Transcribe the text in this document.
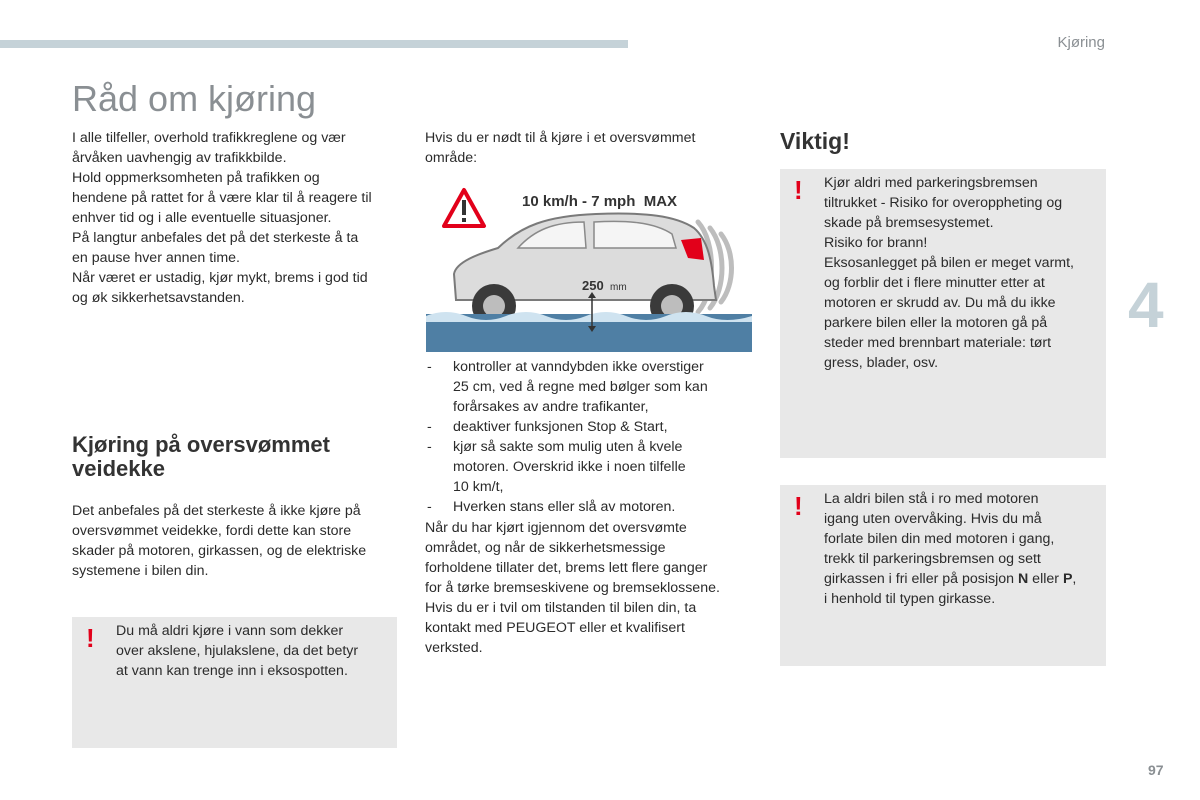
Kjøring
Råd om kjøring
I alle tilfeller, overhold trafikkreglene og vær
årvåken uavhengig av trafikkbilde.
Hold oppmerksomheten på trafikken og
hendene på rattet for å være klar til å reagere til
enhver tid og i alle eventuelle situasjoner.
På langtur anbefales det på det sterkeste å ta
en pause hver annen time.
Når været er ustadig, kjør mykt, brems i god tid
og øk sikkerhetsavstanden.
Kjøring på oversvømmet veidekke
Det anbefales på det sterkeste å ikke kjøre på
oversvømmet veidekke, fordi dette kan store
skader på motoren, girkassen, og de elektriske
systemene i bilen din.
! Du må aldri kjøre i vann som dekker
over akslene, hjulakslene, da det betyr
at vann kan trenge inn i eksospotten.
Hvis du er nødt til å kjøre i et oversvømmet
område:
10 km/h - 7 mph  MAX
250 mm
- kontroller at vanndybden ikke overstiger
25 cm, ved å regne med bølger som kan
forårsakes av andre trafikanter,
- deaktiver funksjonen Stop & Start,
- kjør så sakte som mulig uten å kvele
motoren. Overskrid ikke i noen tilfelle
10 km/t,
- Hverken stans eller slå av motoren.
Når du har kjørt igjennom det oversvømte
området, og når de sikkerhetsmessige
forholdene tillater det, brems lett flere ganger
for å tørke bremseskivene og bremseklossene.
Hvis du er i tvil om tilstanden til bilen din, ta
kontakt med PEUGEOT eller et kvalifisert
verksted.
Viktig!
! Kjør aldri med parkeringsbremsen
tiltrukket - Risiko for overoppheting og
skade på bremsesystemet.
Risiko for brann!
Eksosanlegget på bilen er meget varmt,
og forblir det i flere minutter etter at
motoren er skrudd av. Du må du ikke
parkere bilen eller la motoren gå på
steder med brennbart materiale: tørt
gress, blader, osv.
! La aldri bilen stå i ro med motoren
igang uten overvåking. Hvis du må
forlate bilen din med motoren i gang,
trekk til parkeringsbremsen og sett
girkassen i fri eller på posisjon N eller P,
i henhold til typen girkasse.
4
97
